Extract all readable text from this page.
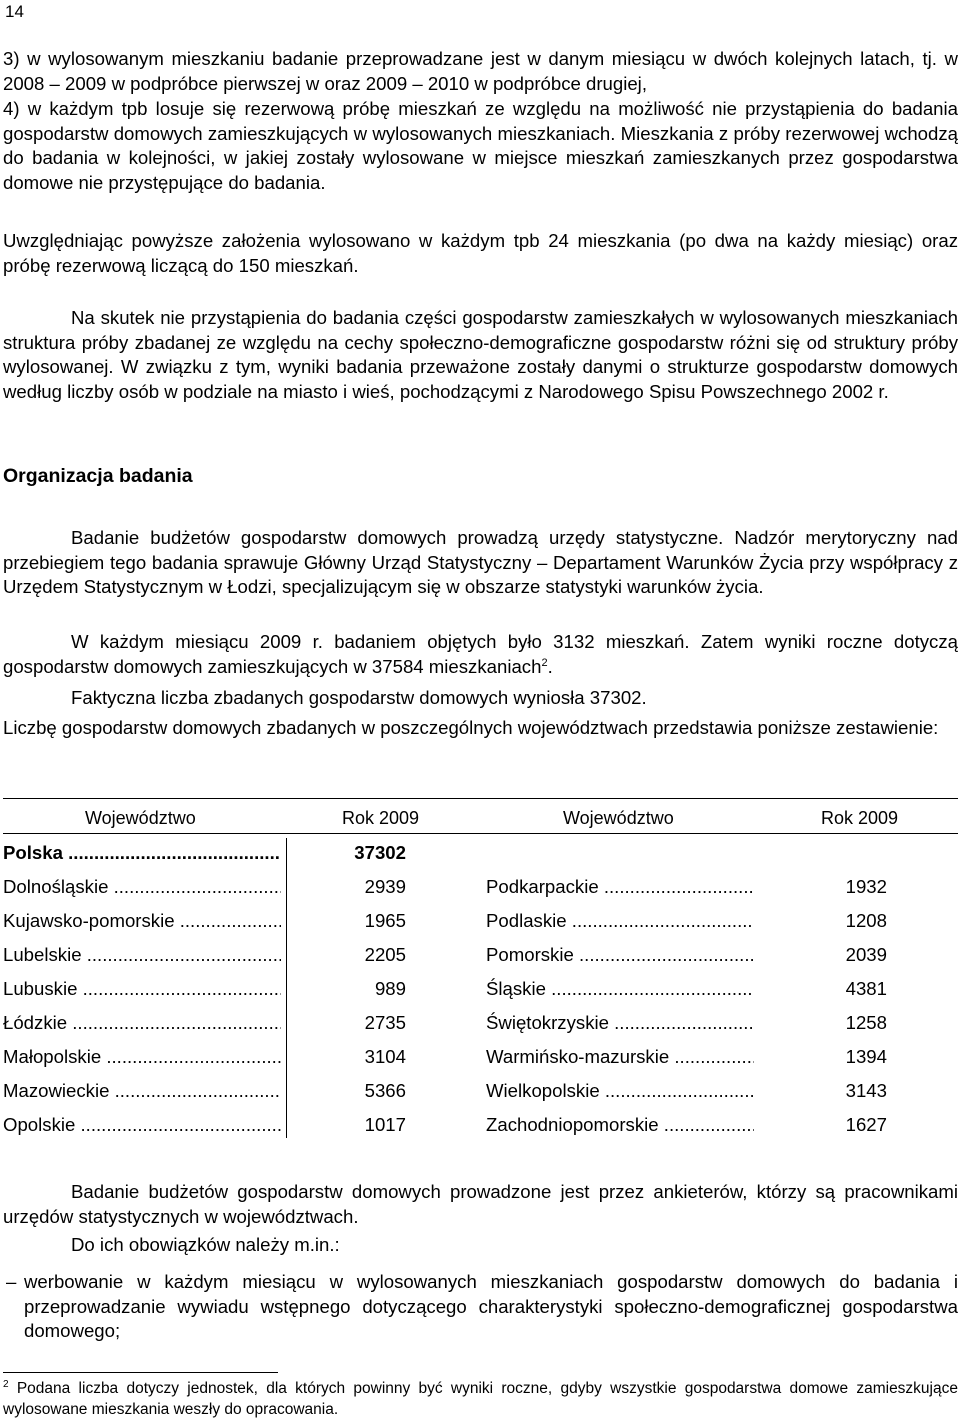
14

3) w wylosowanym mieszkaniu badanie przeprowadzane jest w danym miesiącu w dwóch kolejnych latach, tj. w 2008 – 2009 w podpróbce pierwszej w oraz 2009 – 2010 w podpróbce drugiej,

4) w każdym tpb losuje się rezerwową próbę mieszkań ze względu na możliwość nie przystąpienia do badania gospodarstw domowych zamieszkujących w wylosowanych mieszkaniach. Mieszkania z próby rezerwowej wchodzą do badania w kolejności, w jakiej zostały wylosowane w miejsce mieszkań zamieszkanych przez gospodarstwa domowe nie przystępujące do badania.

Uwzględniając powyższe założenia wylosowano w każdym tpb 24 mieszkania (po dwa na każdy miesiąc) oraz próbę rezerwową liczącą do 150 mieszkań.

Na skutek nie przystąpienia do badania części gospodarstw zamieszkałych w wylosowanych mieszkaniach struktura próby zbadanej ze względu na cechy społeczno-demograficzne gospodarstw różni się od struktury próby wylosowanej. W związku z tym, wyniki badania przeważone zostały danymi o strukturze gospodarstw domowych według liczby osób w podziale na miasto i wieś, pochodzącymi z Narodowego Spisu Powszechnego 2002 r.

Organizacja badania

Badanie budżetów gospodarstw domowych prowadzą urzędy statystyczne. Nadzór merytoryczny nad przebiegiem tego badania sprawuje Główny Urząd Statystyczny – Departament Warunków Życia przy współpracy z Urzędem Statystycznym w Łodzi, specjalizującym się w obszarze statystyki warunków życia.

W każdym miesiącu 2009 r. badaniem objętych było 3132 mieszkań. Zatem wyniki roczne dotyczą gospodarstw domowych zamieszkujących w 37584 mieszkaniach$^2$.

Faktyczna liczba zbadanych gospodarstw domowych wyniosła 37302.

Liczbę gospodarstw domowych zbadanych w poszczególnych województwach przedstawia poniższe zestawienie:

Województwo	Rok 2009	Województwo	Rok 2009
Polska .....	37302
Dolnośląskie .....	2939	Podkarpackie .....	1932
Kujawsko-pomorskie .....	1965	Podlaskie .....	1208
Lubelskie .....	2205	Pomorskie .....	2039
Lubuskie .....	989	Śląskie .....	4381
Łódzkie .....	2735	Świętokrzyskie .....	1258
Małopolskie .....	3104	Warmińsko-mazurskie .....	1394
Mazowieckie .....	5366	Wielkopolskie .....	3143
Opolskie .....	1017	Zachodniopomorskie .....	1627

Badanie budżetów gospodarstw domowych prowadzone jest przez ankieterów, którzy są pracownikami urzędów statystycznych w województwach.

Do ich obowiązków należy m.in.:

– werbowanie w każdym miesiącu w wylosowanych mieszkaniach gospodarstw domowych do badania i przeprowadzanie wywiadu wstępnego dotyczącego charakterystyki społeczno-demograficznej gospodarstwa domowego;

$^2$ Podana liczba dotyczy jednostek, dla których powinny być wyniki roczne, gdyby wszystkie gospodarstwa domowe zamieszkujące wylosowane mieszkania weszły do opracowania.
